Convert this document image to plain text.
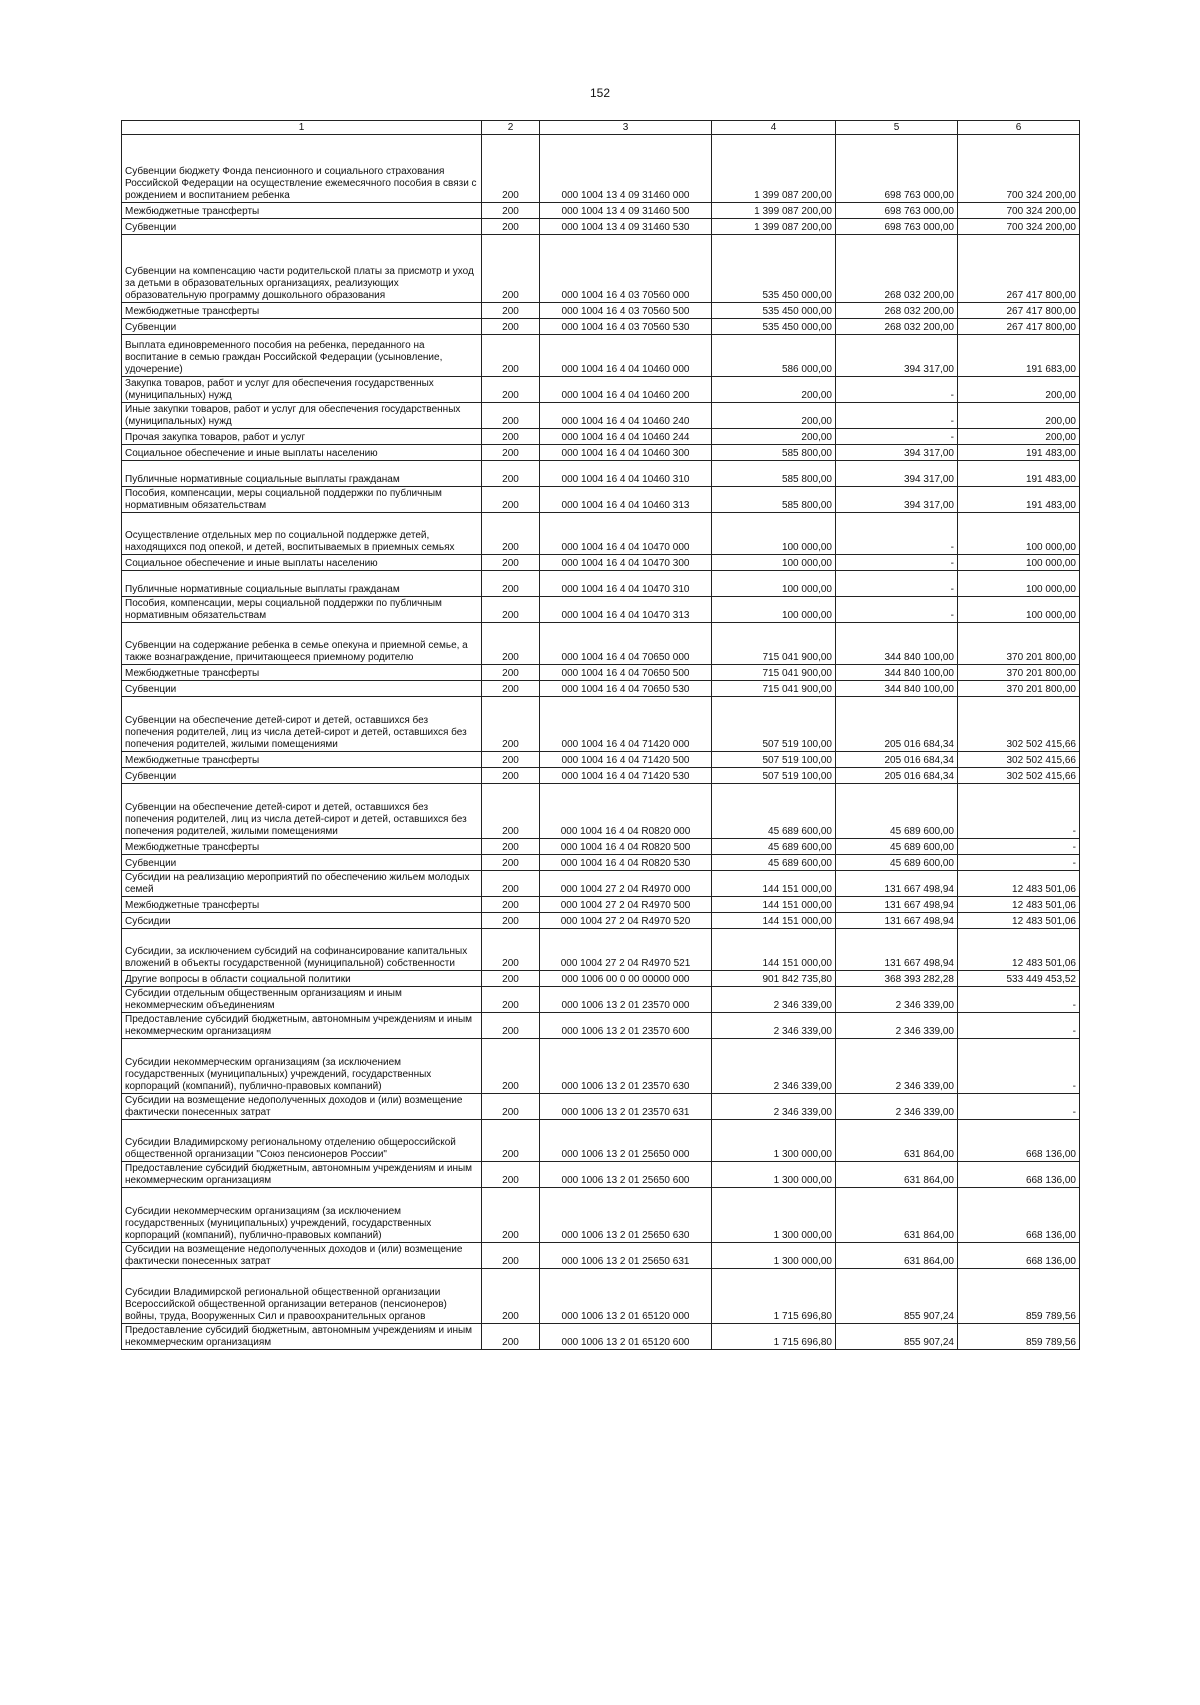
152
1	2	3	4	5	6
Субвенции бюджету Фонда пенсионного и социального страхования Российской Федерации на осуществление ежемесячного пособия в связи с рождением и воспитанием ребенка	200	000 1004 13 4 09 31460 000	1 399 087 200,00	698 763 000,00	700 324 200,00
Межбюджетные трансферты	200	000 1004 13 4 09 31460 500	1 399 087 200,00	698 763 000,00	700 324 200,00
Субвенции	200	000 1004 13 4 09 31460 530	1 399 087 200,00	698 763 000,00	700 324 200,00
Субвенции на компенсацию части родительской платы за присмотр и уход за детьми в образовательных организациях, реализующих образовательную программу дошкольного образования	200	000 1004 16 4 03 70560 000	535 450 000,00	268 032 200,00	267 417 800,00
Межбюджетные трансферты	200	000 1004 16 4 03 70560 500	535 450 000,00	268 032 200,00	267 417 800,00
Субвенции	200	000 1004 16 4 03 70560 530	535 450 000,00	268 032 200,00	267 417 800,00
Выплата единовременного пособия на ребенка, переданного на воспитание в семью граждан Российской Федерации (усыновление, удочерение)	200	000 1004 16 4 04 10460 000	586 000,00	394 317,00	191 683,00
Закупка товаров, работ и услуг для обеспечения государственных (муниципальных) нужд	200	000 1004 16 4 04 10460 200	200,00	-	200,00
Иные закупки товаров, работ и услуг для обеспечения государственных (муниципальных) нужд	200	000 1004 16 4 04 10460 240	200,00	-	200,00
Прочая закупка товаров, работ и услуг	200	000 1004 16 4 04 10460 244	200,00	-	200,00
Социальное обеспечение и иные выплаты населению	200	000 1004 16 4 04 10460 300	585 800,00	394 317,00	191 483,00
Публичные нормативные социальные выплаты гражданам	200	000 1004 16 4 04 10460 310	585 800,00	394 317,00	191 483,00
Пособия, компенсации, меры социальной поддержки по публичным нормативным обязательствам	200	000 1004 16 4 04 10460 313	585 800,00	394 317,00	191 483,00
Осуществление отдельных мер по социальной поддержке детей, находящихся под опекой, и детей, воспитываемых в приемных семьях	200	000 1004 16 4 04 10470 000	100 000,00	-	100 000,00
Социальное обеспечение и иные выплаты населению	200	000 1004 16 4 04 10470 300	100 000,00	-	100 000,00
Публичные нормативные социальные выплаты гражданам	200	000 1004 16 4 04 10470 310	100 000,00	-	100 000,00
Пособия, компенсации, меры социальной поддержки по публичным нормативным обязательствам	200	000 1004 16 4 04 10470 313	100 000,00	-	100 000,00
Субвенции на содержание ребенка в семье опекуна и приемной семье, а также вознаграждение, причитающееся приемному родителю	200	000 1004 16 4 04 70650 000	715 041 900,00	344 840 100,00	370 201 800,00
Межбюджетные трансферты	200	000 1004 16 4 04 70650 500	715 041 900,00	344 840 100,00	370 201 800,00
Субвенции	200	000 1004 16 4 04 70650 530	715 041 900,00	344 840 100,00	370 201 800,00
Субвенции на обеспечение детей-сирот и детей, оставшихся без попечения родителей, лиц из числа детей-сирот и детей, оставшихся без попечения родителей, жилыми помещениями	200	000 1004 16 4 04 71420 000	507 519 100,00	205 016 684,34	302 502 415,66
Межбюджетные трансферты	200	000 1004 16 4 04 71420 500	507 519 100,00	205 016 684,34	302 502 415,66
Субвенции	200	000 1004 16 4 04 71420 530	507 519 100,00	205 016 684,34	302 502 415,66
Субвенции на обеспечение детей-сирот и детей, оставшихся без попечения родителей, лиц из числа детей-сирот и детей, оставшихся без попечения родителей, жилыми помещениями	200	000 1004 16 4 04 R0820 000	45 689 600,00	45 689 600,00	-
Межбюджетные трансферты	200	000 1004 16 4 04 R0820 500	45 689 600,00	45 689 600,00	-
Субвенции	200	000 1004 16 4 04 R0820 530	45 689 600,00	45 689 600,00	-
Субсидии на реализацию мероприятий по обеспечению жильем молодых семей	200	000 1004 27 2 04 R4970 000	144 151 000,00	131 667 498,94	12 483 501,06
Межбюджетные трансферты	200	000 1004 27 2 04 R4970 500	144 151 000,00	131 667 498,94	12 483 501,06
Субсидии	200	000 1004 27 2 04 R4970 520	144 151 000,00	131 667 498,94	12 483 501,06
Субсидии, за исключением субсидий на софинансирование капитальных вложений в объекты государственной (муниципальной) собственности	200	000 1004 27 2 04 R4970 521	144 151 000,00	131 667 498,94	12 483 501,06
Другие вопросы в области социальной политики	200	000 1006 00 0 00 00000 000	901 842 735,80	368 393 282,28	533 449 453,52
Субсидии отдельным общественным организациям и иным некоммерческим объединениям	200	000 1006 13 2 01 23570 000	2 346 339,00	2 346 339,00	-
Предоставление субсидий бюджетным, автономным учреждениям и иным некоммерческим организациям	200	000 1006 13 2 01 23570 600	2 346 339,00	2 346 339,00	-
Субсидии некоммерческим организациям (за исключением государственных (муниципальных) учреждений, государственных корпораций (компаний), публично-правовых компаний)	200	000 1006 13 2 01 23570 630	2 346 339,00	2 346 339,00	-
Субсидии на возмещение недополученных доходов и (или) возмещение фактически понесенных затрат	200	000 1006 13 2 01 23570 631	2 346 339,00	2 346 339,00	-
Субсидии Владимирскому региональному отделению общероссийской общественной организации "Союз пенсионеров России"	200	000 1006 13 2 01 25650 000	1 300 000,00	631 864,00	668 136,00
Предоставление субсидий бюджетным, автономным учреждениям и иным некоммерческим организациям	200	000 1006 13 2 01 25650 600	1 300 000,00	631 864,00	668 136,00
Субсидии некоммерческим организациям (за исключением государственных (муниципальных) учреждений, государственных корпораций (компаний), публично-правовых компаний)	200	000 1006 13 2 01 25650 630	1 300 000,00	631 864,00	668 136,00
Субсидии на возмещение недополученных доходов и (или) возмещение фактически понесенных затрат	200	000 1006 13 2 01 25650 631	1 300 000,00	631 864,00	668 136,00
Субсидии Владимирской региональной общественной организации Всероссийской общественной организации ветеранов (пенсионеров) войны, труда, Вооруженных Сил и правоохранительных органов	200	000 1006 13 2 01 65120 000	1 715 696,80	855 907,24	859 789,56
Предоставление субсидий бюджетным, автономным учреждениям и иным некоммерческим организациям	200	000 1006 13 2 01 65120 600	1 715 696,80	855 907,24	859 789,56
